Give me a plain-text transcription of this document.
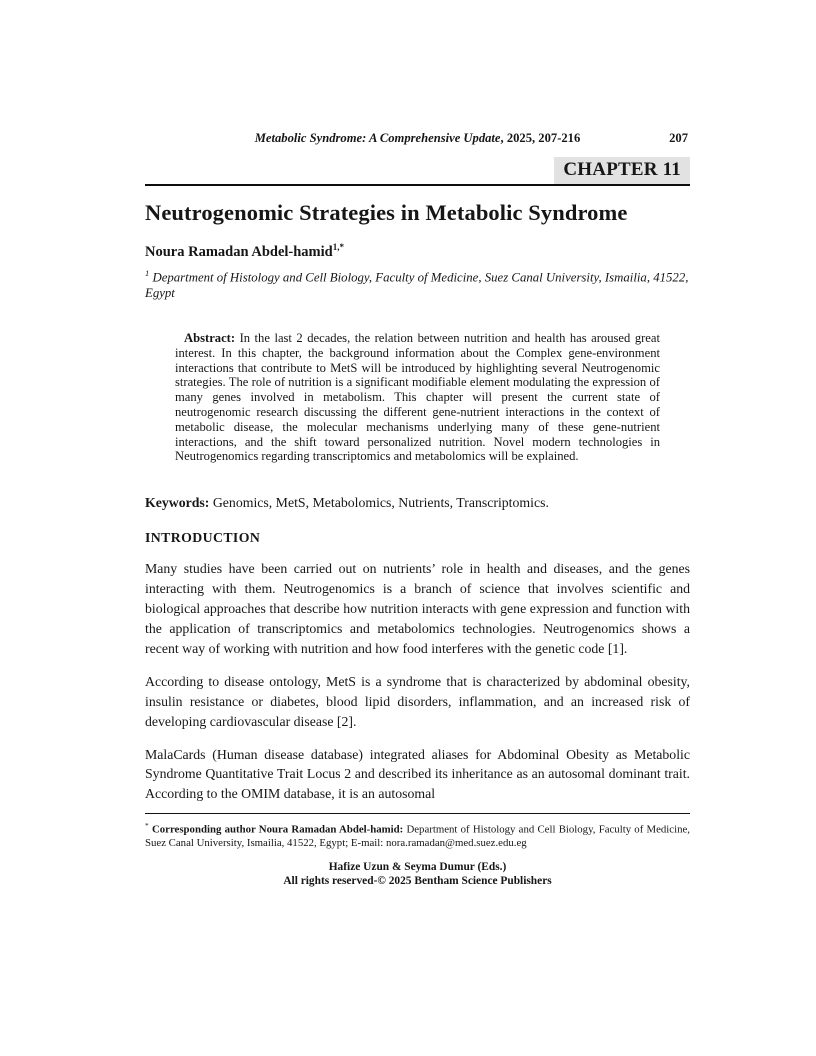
Metabolic Syndrome: A Comprehensive Update, 2025, 207-216	207
CHAPTER 11
Neutrogenomic Strategies in Metabolic Syndrome
Noura Ramadan Abdel-hamid$^{1,*}$
$^1$ Department of Histology and Cell Biology, Faculty of Medicine, Suez Canal University, Ismailia, 41522, Egypt

Abstract: In the last 2 decades, the relation between nutrition and health has aroused great interest. In this chapter, the background information about the Complex gene-environment interactions that contribute to MetS will be introduced by highlighting several Neutrogenomic strategies. The role of nutrition is a significant modifiable element modulating the expression of many genes involved in metabolism. This chapter will present the current state of neutrogenomic research discussing the different gene-nutrient interactions in the context of metabolic disease, the molecular mechanisms underlying many of these gene-nutrient interactions, and the shift toward personalized nutrition. Novel modern technologies in Neutrogenomics regarding transcriptomics and metabolomics will be explained.

Keywords: Genomics, MetS, Metabolomics, Nutrients, Transcriptomics.

INTRODUCTION

Many studies have been carried out on nutrients’ role in health and diseases, and the genes interacting with them. Neutrogenomics is a branch of science that involves scientific and biological approaches that describe how nutrition interacts with gene expression and function with the application of transcriptomics and metabolomics technologies. Neutrogenomics shows a recent way of working with nutrition and how food interferes with the genetic code [1].

According to disease ontology, MetS is a syndrome that is characterized by abdominal obesity, insulin resistance or diabetes, blood lipid disorders, inflammation, and an increased risk of developing cardiovascular disease [2].

MalaCards (Human disease database) integrated aliases for Abdominal Obesity as Metabolic Syndrome Quantitative Trait Locus 2 and described its inheritance as an autosomal dominant trait. According to the OMIM database, it is an autosomal

* Corresponding author Noura Ramadan Abdel-hamid: Department of Histology and Cell Biology, Faculty of Medicine, Suez Canal University, Ismailia, 41522, Egypt; E-mail: nora.ramadan@med.suez.edu.eg
Hafize Uzun & Seyma Dumur (Eds.)
All rights reserved-© 2025 Bentham Science Publishers
